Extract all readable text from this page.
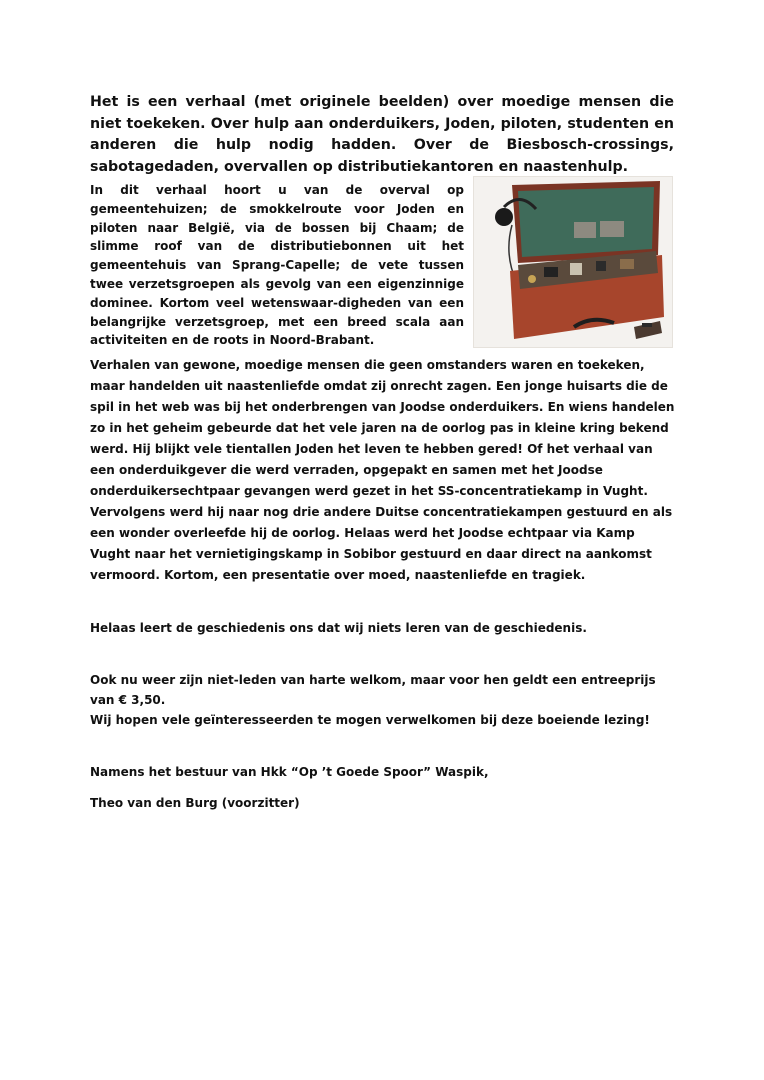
Het is een verhaal (met originele beelden) over moedige mensen die niet toekeken. Over hulp aan onderduikers, Joden, piloten, studenten en anderen die hulp nodig hadden. Over de Biesbosch-crossings, sabotagedaden, overvallen op distributiekantoren en naastenhulp.

In dit verhaal hoort u van de overval op gemeentehuizen; de smokkelroute voor Joden en piloten naar België, via de bossen bij Chaam; de slimme roof van de distributiebonnen uit het gemeentehuis van Sprang-Capelle; de vete tussen twee verzetsgroepen als gevolg van een eigenzinnige dominee. Kortom veel wetenswaar-digheden van een belangrijke verzetsgroep, met een breed scala aan activiteiten en de roots in Noord-Brabant.

Verhalen van gewone, moedige mensen die geen omstanders waren en toekeken, maar handelden uit naastenliefde omdat zij onrecht zagen. Een jonge huisarts die de spil in het web was bij het onderbrengen van Joodse onderduikers. En wiens handelen zo in het geheim gebeurde dat het vele jaren na de oorlog pas in kleine kring bekend werd. Hij blijkt vele tientallen Joden het leven te hebben gered! Of het verhaal van een onderduikgever die werd verraden, opgepakt en samen met het Joodse onderduikersechtpaar gevangen werd gezet in het SS-concentratiekamp in Vught. Vervolgens werd hij naar nog drie andere Duitse concentratiekampen gestuurd en als een wonder overleefde hij de oorlog. Helaas werd het Joodse echtpaar via Kamp Vught naar het vernietigingskamp in Sobibor gestuurd en daar direct na aankomst vermoord. Kortom, een presentatie over moed, naastenliefde en tragiek.

Helaas leert de geschiedenis ons dat wij niets leren van de geschiedenis.

Ook nu weer zijn niet-leden van harte welkom, maar voor hen geldt een entreeprijs van € 3,50.

Wij hopen vele geïnteresseerden te mogen verwelkomen bij deze boeiende lezing!

Namens het bestuur van Hkk “Op ’t Goede Spoor” Waspik,

Theo van den Burg (voorzitter)
